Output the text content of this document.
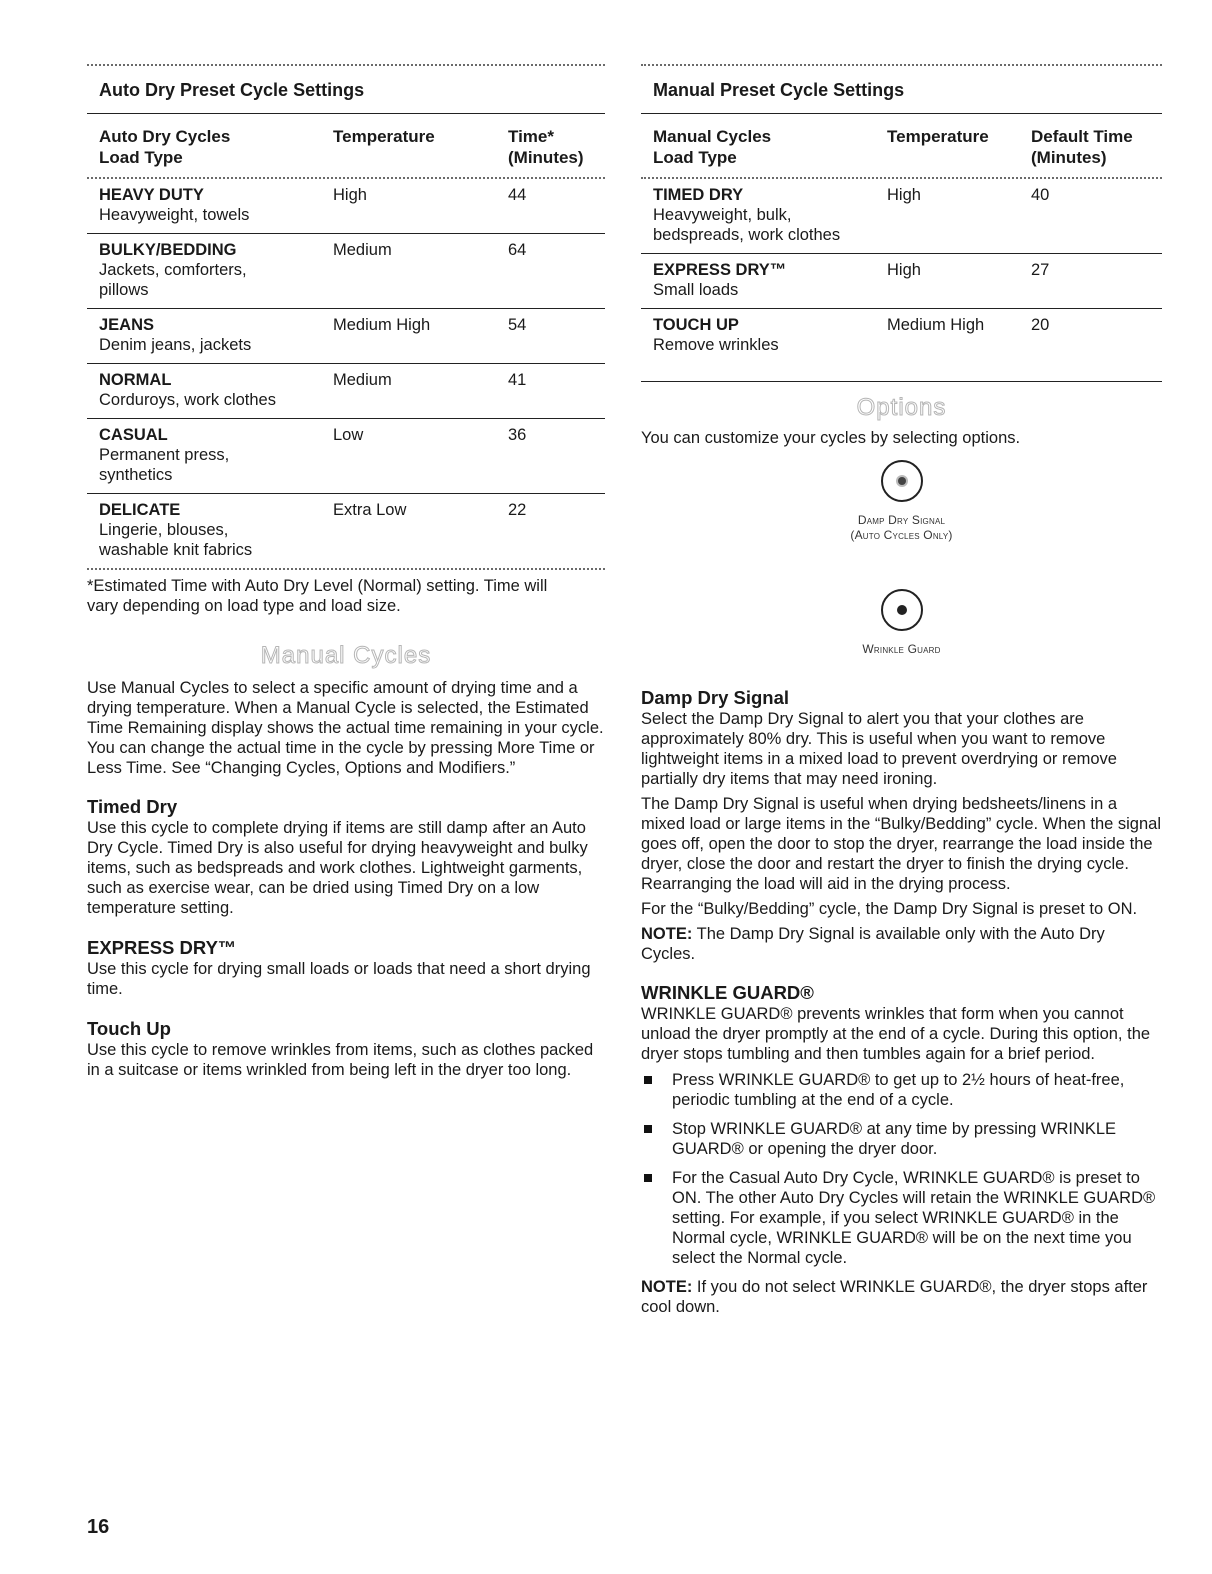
Auto Dry Preset Cycle Settings
Auto Dry Cycles
Load Type
Temperature	Time*
(Minutes)
HEAVY DUTY
Heavyweight, towels
High	44
BULKY/BEDDING
Jackets, comforters,
pillows
Medium	64
JEANS
Denim jeans, jackets
Medium High	54
NORMAL
Corduroys, work clothes
Medium	41
CASUAL
Permanent press,
synthetics
Low	36
DELICATE
Lingerie, blouses,
washable knit fabrics
Extra Low	22
*Estimated Time with Auto Dry Level (Normal) setting. Time will
vary depending on load type and load size.
Manual Cycles

Use Manual Cycles to select a specific amount of drying time and a drying temperature. When a Manual Cycle is selected, the Estimated Time Remaining display shows the actual time remaining in your cycle. You can change the actual time in the cycle by pressing More Time or Less Time. See “Changing Cycles, Options and Modifiers.”

Timed Dry

Use this cycle to complete drying if items are still damp after an Auto Dry Cycle. Timed Dry is also useful for drying heavyweight and bulky items, such as bedspreads and work clothes. Lightweight garments, such as exercise wear, can be dried using Timed Dry on a low temperature setting.

EXPRESS DRY™

Use this cycle for drying small loads or loads that need a short drying time.

Touch Up

Use this cycle to remove wrinkles from items, such as clothes packed in a suitcase or items wrinkled from being left in the dryer too long.

Manual Preset Cycle Settings
Manual Cycles
Load Type
Temperature	Default Time
(Minutes)
TIMED DRY
Heavyweight, bulk,
bedspreads, work clothes
High	40
EXPRESS DRY™
Small loads
High	27
TOUCH UP
Remove wrinkles
Medium High	20
Options

You can customize your cycles by selecting options.

Damp Dry Signal
(Auto Cycles Only)
Wrinkle Guard
Damp Dry Signal

Select the Damp Dry Signal to alert you that your clothes are approximately 80% dry. This is useful when you want to remove lightweight items in a mixed load to prevent overdrying or remove partially dry items that may need ironing.

The Damp Dry Signal is useful when drying bedsheets/linens in a mixed load or large items in the “Bulky/Bedding” cycle. When the signal goes off, open the door to stop the dryer, rearrange the load inside the dryer, close the door and restart the dryer to finish the drying cycle. Rearranging the load will aid in the drying process.

For the “Bulky/Bedding” cycle, the Damp Dry Signal is preset to ON.

NOTE: The Damp Dry Signal is available only with the Auto Dry Cycles.

WRINKLE GUARD®

WRINKLE GUARD® prevents wrinkles that form when you cannot unload the dryer promptly at the end of a cycle. During this option, the dryer stops tumbling and then tumbles again for a brief period.

Press WRINKLE GUARD® to get up to 2½ hours of heat-free, periodic tumbling at the end of a cycle.
Stop WRINKLE GUARD® at any time by pressing WRINKLE GUARD® or opening the dryer door.
For the Casual Auto Dry Cycle, WRINKLE GUARD® is preset to ON. The other Auto Dry Cycles will retain the WRINKLE GUARD® setting. For example, if you select WRINKLE GUARD® in the Normal cycle, WRINKLE GUARD® will be on the next time you select the Normal cycle.

NOTE: If you do not select WRINKLE GUARD®, the dryer stops after cool down.

16
